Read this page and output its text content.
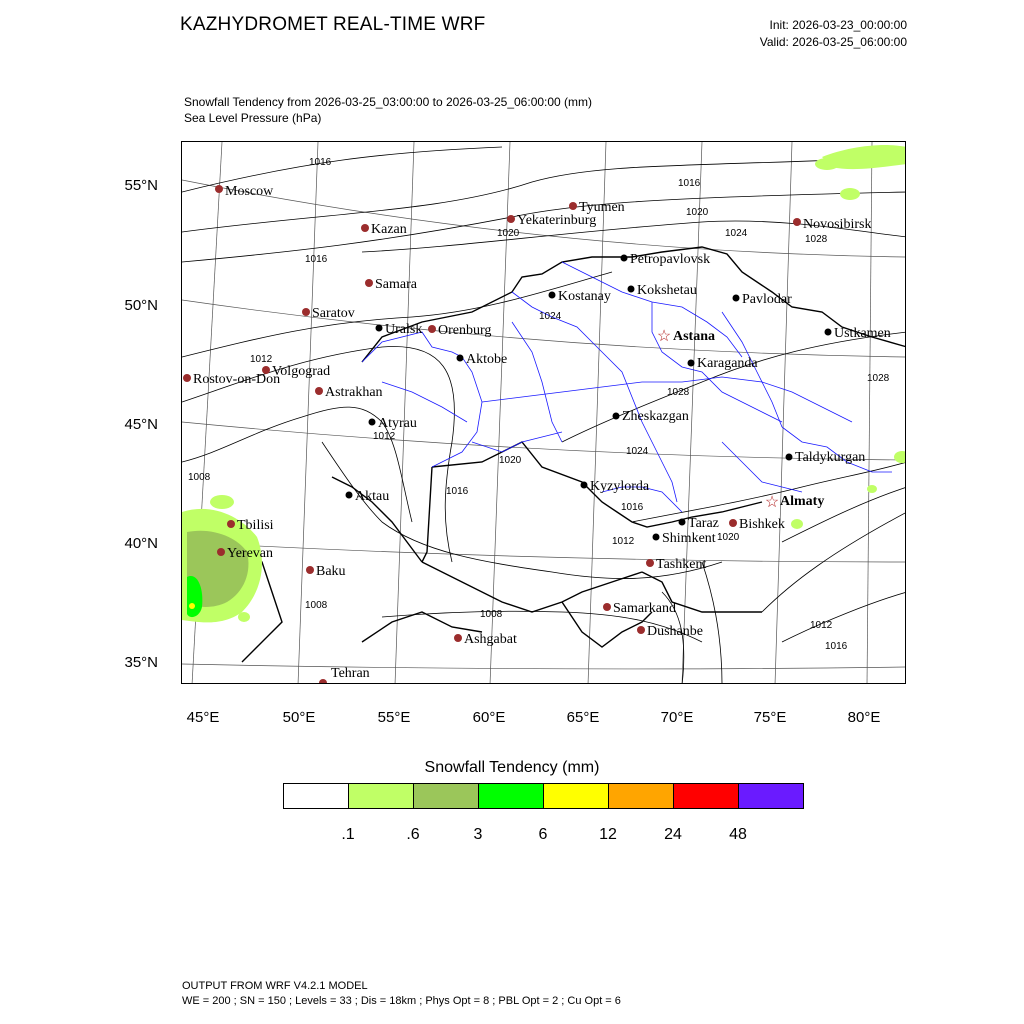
KAZHYDROMET REAL-TIME WRF	Init: 2026-03-23_00:00:00
Valid: 2026-03-25_06:00:00
Snowfall Tendency from 2026-03-25_03:00:00 to 2026-03-25_06:00:00 (mm)
Sea Level Pressure (hPa)
☆
☆
Moscow
Kazan
Tyumen
Yekaterinburg	Novosibirsk
Samara
Saratov
Orenburg
Volgograd
Rostov-on-Don
Astrakhan
Tbilisi
Yerevan
Baku
Bishkek
Tashkent
Samarkand
Dushanbe
Ashgabat
Tehran
Petropavlovsk
Kostanay Kokshetau
Pavlodar
Uralsk
Aktobe
Astana
Karaganda
Ustkamen
Atyrau	Zheskazgan
Taldykurgan
Aktau
Kyzylorda
Almaty
Taraz
Shimkent
1016
1016
1020
1020	1024
1028
1016
1024
1012
1028
1028
1012
1020
1008
1016
1024
1016
1020
1012
1008
1008
1012
1016
55°N
50°N
45°N
40°N
35°N
45°E	50°E	55°E	60°E	65°E	70°E	75°E	80°E
Snowfall Tendency (mm)
.1	.6	3	6	12	24	48
OUTPUT FROM WRF V4.2.1 MODEL
WE = 200 ; SN = 150 ; Levels = 33 ; Dis = 18km ; Phys Opt = 8 ; PBL Opt = 2 ; Cu Opt = 6
